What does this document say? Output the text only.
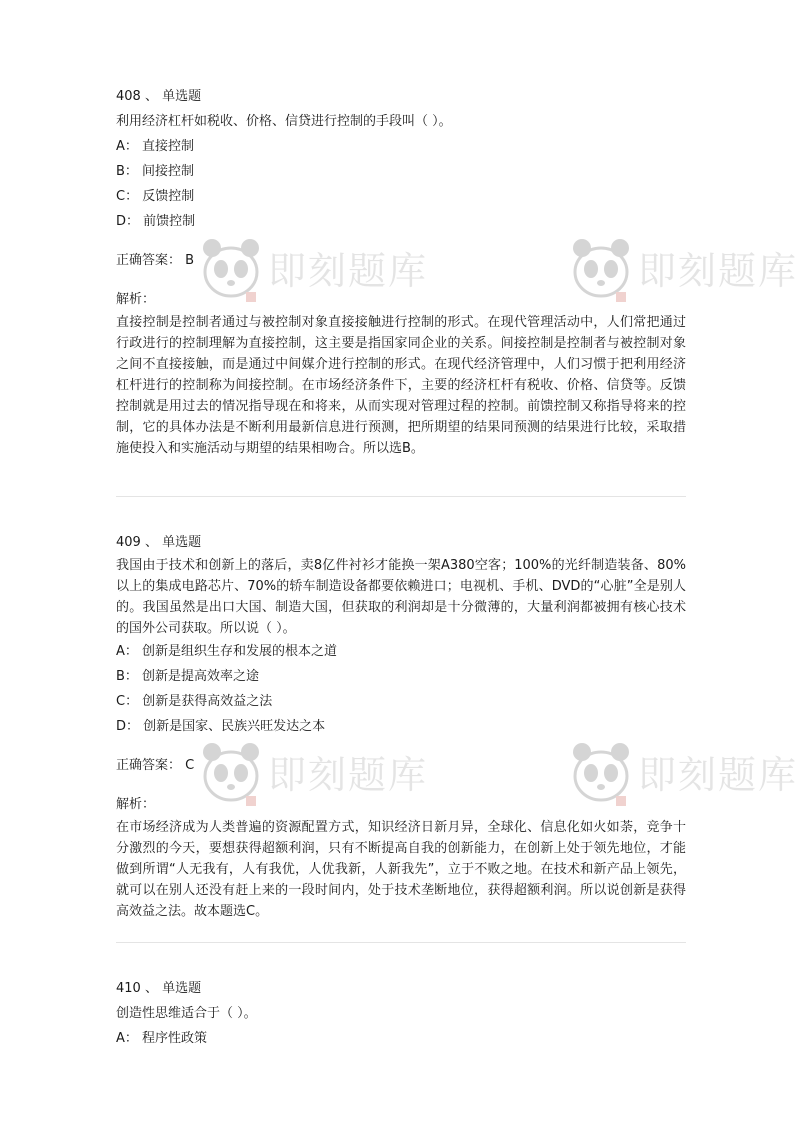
即刻题库	即刻题库
即刻题库	即刻题库
408 、 单选题
利用经济杠杆如税收、价格、信贷进行控制的手段叫（ ）。
A： 直接控制
B： 间接控制
C： 反馈控制
D： 前馈控制
正确答案： B
解析：

直接控制是控制者通过与被控制对象直接接触进行控制的形式。在现代管理活动中，人们常把通过行政进行的控制理解为直接控制，这主要是指国家同企业的关系。间接控制是控制者与被控制对象之间不直接接触，而是通过中间媒介进行控制的形式。在现代经济管理中，人们习惯于把利用经济杠杆进行的控制称为间接控制。在市场经济条件下，主要的经济杠杆有税收、价格、信贷等。反馈控制就是用过去的情况指导现在和将来，从而实现对管理过程的控制。前馈控制又称指导将来的控制，它的具体办法是不断利用最新信息进行预测，把所期望的结果同预测的结果进行比较，采取措施使投入和实施活动与期望的结果相吻合。所以选B。

409 、 单选题

我国由于技术和创新上的落后，卖8亿件衬衫才能换一架A380空客；100%的光纤制造装备、80%以上的集成电路芯片、70%的轿车制造设备都要依赖进口；电视机、手机、DVD的“心脏”全是别人的。我国虽然是出口大国、制造大国，但获取的利润却是十分微薄的，大量利润都被拥有核心技术的国外公司获取。所以说（ ）。

A： 创新是组织生存和发展的根本之道
B： 创新是提高效率之途
C： 创新是获得高效益之法
D： 创新是国家、民族兴旺发达之本
正确答案： C
解析：

在市场经济成为人类普遍的资源配置方式，知识经济日新月异，全球化、信息化如火如荼，竞争十分激烈的今天，要想获得超额利润，只有不断提高自我的创新能力，在创新上处于领先地位，才能做到所谓“人无我有，人有我优，人优我新，人新我先”，立于不败之地。在技术和新产品上领先，就可以在别人还没有赶上来的一段时间内，处于技术垄断地位，获得超额利润。所以说创新是获得高效益之法。故本题选C。

410 、 单选题
创造性思维适合于（ ）。
A： 程序性政策
